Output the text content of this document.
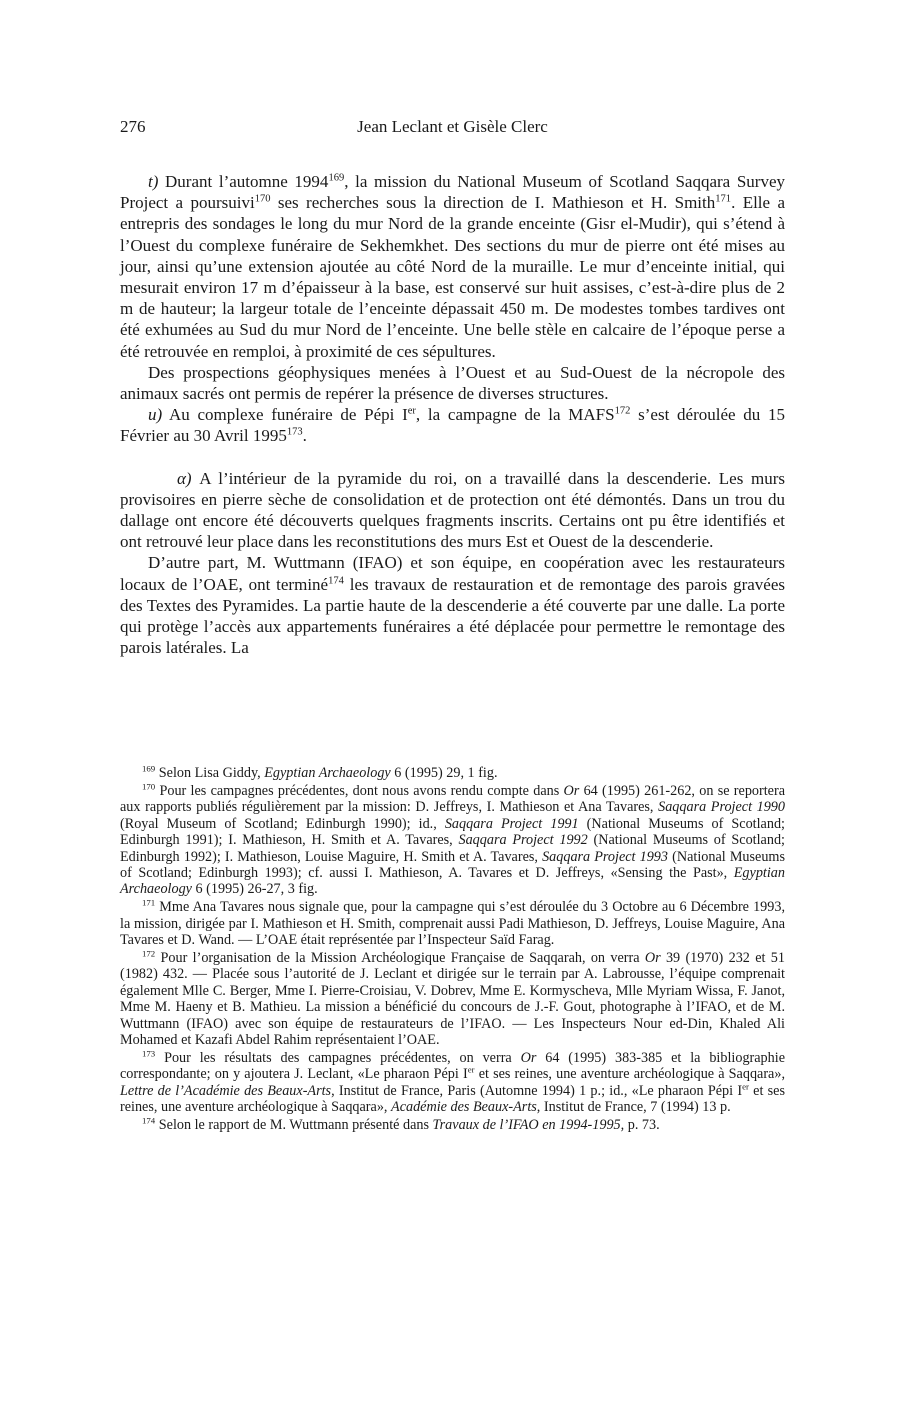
276	Jean Leclant et Gisèle Clerc

t) Durant l’automne 1994$^{169}$, la mission du National Museum of Scotland Saqqara Survey Project a poursuivi$^{170}$ ses recherches sous la direction de I. Mathieson et H. Smith$^{171}$. Elle a entrepris des sondages le long du mur Nord de la grande enceinte (Gisr el-Mudir), qui s’étend à l’Ouest du complexe funéraire de Sekhemkhet. Des sections du mur de pierre ont été mises au jour, ainsi qu’une extension ajoutée au côté Nord de la muraille. Le mur d’enceinte initial, qui mesurait environ 17 m d’épaisseur à la base, est conservé sur huit assises, c’est-à-dire plus de 2 m de hauteur; la largeur totale de l’enceinte dépassait 450 m. De modestes tombes tardives ont été exhumées au Sud du mur Nord de l’enceinte. Une belle stèle en calcaire de l’époque perse a été retrouvée en remploi, à proximité de ces sépultures.

Des prospections géophysiques menées à l’Ouest et au Sud-Ouest de la nécropole des animaux sacrés ont permis de repérer la présence de diverses structures.

u) Au complexe funéraire de Pépi Ier, la campagne de la MAFS$^{172}$ s’est déroulée du 15 Février au 30 Avril 1995$^{173}$.

α) A l’intérieur de la pyramide du roi, on a travaillé dans la descenderie. Les murs provisoires en pierre sèche de consolidation et de protection ont été démontés. Dans un trou du dallage ont encore été découverts quelques fragments inscrits. Certains ont pu être identifiés et ont retrouvé leur place dans les reconstitutions des murs Est et Ouest de la descenderie.

D’autre part, M. Wuttmann (IFAO) et son équipe, en coopération avec les restaurateurs locaux de l’OAE, ont terminé$^{174}$ les travaux de restauration et de remontage des parois gravées des Textes des Pyramides. La partie haute de la descenderie a été couverte par une dalle. La porte qui protège l’accès aux appartements funéraires a été déplacée pour permettre le remontage des parois latérales. La

$^{169}$ Selon Lisa Giddy, Egyptian Archaeology 6 (1995) 29, 1 fig.

$^{170}$ Pour les campagnes précédentes, dont nous avons rendu compte dans Or 64 (1995) 261-262, on se reportera aux rapports publiés régulièrement par la mission: D. Jeffreys, I. Mathieson et Ana Tavares, Saqqara Project 1990 (Royal Museum of Scotland; Edinburgh 1990); id., Saqqara Project 1991 (National Museums of Scotland; Edinburgh 1991); I. Mathieson, H. Smith et A. Tavares, Saqqara Project 1992 (National Museums of Scotland; Edinburgh 1992); I. Mathieson, Louise Maguire, H. Smith et A. Tavares, Saqqara Project 1993 (National Museums of Scotland; Edinburgh 1993); cf. aussi I. Mathieson, A. Tavares et D. Jeffreys, «Sensing the Past», Egyptian Archaeology 6 (1995) 26-27, 3 fig.

$^{171}$ Mme Ana Tavares nous signale que, pour la campagne qui s’est déroulée du 3 Octobre au 6 Décembre 1993, la mission, dirigée par I. Mathieson et H. Smith, comprenait aussi Padi Mathieson, D. Jeffreys, Louise Maguire, Ana Tavares et D. Wand. — L’OAE était représentée par l’Inspecteur Saïd Farag.

$^{172}$ Pour l’organisation de la Mission Archéologique Française de Saqqarah, on verra Or 39 (1970) 232 et 51 (1982) 432. — Placée sous l’autorité de J. Leclant et dirigée sur le terrain par A. Labrousse, l’équipe comprenait également Mlle C. Berger, Mme I. Pierre-Croisiau, V. Dobrev, Mme E. Kormyscheva, Mlle Myriam Wissa, F. Janot, Mme M. Haeny et B. Mathieu. La mission a bénéficié du concours de J.-F. Gout, photographe à l’IFAO, et de M. Wuttmann (IFAO) avec son équipe de restaurateurs de l’IFAO. — Les Inspecteurs Nour ed-Din, Khaled Ali Mohamed et Kazafi Abdel Rahim représentaient l’OAE.

$^{173}$ Pour les résultats des campagnes précédentes, on verra Or 64 (1995) 383-385 et la bibliographie correspondante; on y ajoutera J. Leclant, «Le pharaon Pépi Ier et ses reines, une aventure archéologique à Saqqara», Lettre de l’Académie des Beaux-Arts, Institut de France, Paris (Automne 1994) 1 p.; id., «Le pharaon Pépi Ier et ses reines, une aventure archéologique à Saqqara», Académie des Beaux-Arts, Institut de France, 7 (1994) 13 p.

$^{174}$ Selon le rapport de M. Wuttmann présenté dans Travaux de l’IFAO en 1994-1995, p. 73.
